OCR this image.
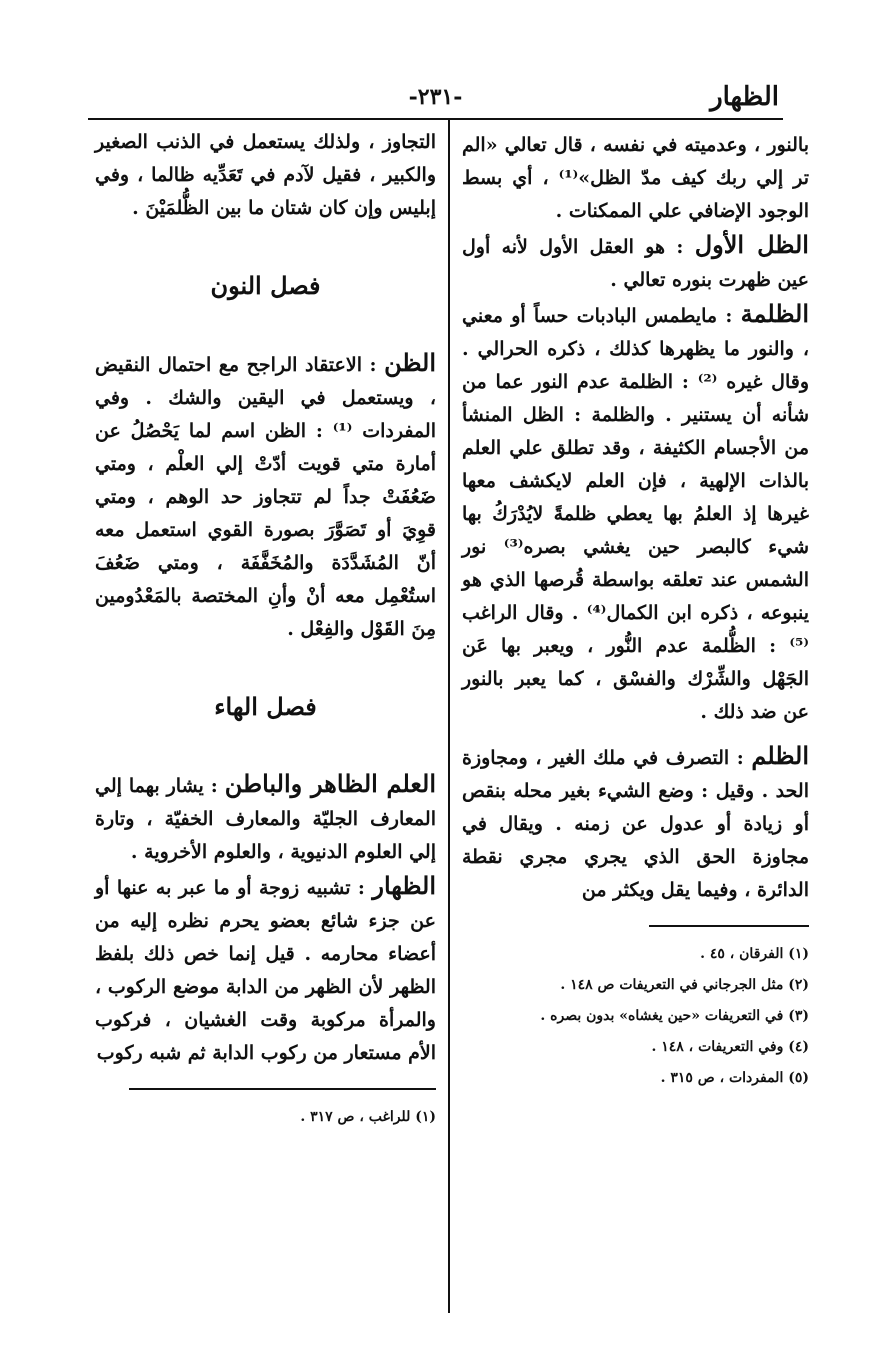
الظهار
-٢٣١-

بالنور ، وعدميته في نفسه ، قال تعالي «الم تر إلي ربك كيف مدّ الظل»⁽¹⁾ ، أي بسط الوجود الإضافي علي الممكنات .

الظل الأول : هو العقل الأول لأنه أول عين ظهرت بنوره تعالي .

الظلمة : مايطمس البادبات حساً أو معني ، والنور ما يظهرها كذلك ، ذكره الحرالي . وقال غيره ⁽²⁾ : الظلمة عدم النور عما من شأنه أن يستنير . والظلمة : الظل المنشأ من الأجسام الكثيفة ، وقد تطلق علي العلم بالذات الإلهية ، فإن العلم لايكشف معها غيرها إذ العلمُ بها يعطي ظلمةً لايُدْرَكُ بها شيء كالبصر حين يغشي بصره⁽³⁾ نور الشمس عند تعلقه بواسطة قُرصها الذي هو ينبوعه ، ذكره ابن الكمال⁽⁴⁾ . وقال الراغب ⁽⁵⁾ : الظُّلمة عدم النُّور ، ويعبر بها عَن الجَهْل والشِّرْك والفسْق ، كما يعبر بالنور عن ضد ذلك .

الظلم : التصرف في ملك الغير ، ومجاوزة الحد . وقيل : وضع الشيء بغير محله بنقص أو زيادة أو عدول عن زمنه . ويقال في مجاوزة الحق الذي يجري مجري نقطة الدائرة ، وفيما يقل ويكثر من

(١) الفرقان ، ٤٥ .
(٢) مثل الجرجاني في التعريفات ص ١٤٨ .
(٣) في التعريفات «حين يغشاه» بدون بصره .
(٤) وفي التعريفات ، ١٤٨ .
(٥) المفردات ، ص ٣١٥ .

التجاوز ، ولذلك يستعمل في الذنب الصغير والكبير ، فقيل لآدم في تَعَدِّيه ظالما ، وفي إبليس وإن كان شتان ما بين الظُّلمَيْنَ .

فصل النون

الظن : الاعتقاد الراجح مع احتمال النقيض ، ويستعمل في اليقين والشك . وفي المفردات ⁽¹⁾ : الظن اسم لما يَحْصُلُ عن أمارة متي قويت أدّتْ إلي العلْم ، ومتي ضَعُفَتْ جداً لم تتجاوز حد الوهم ، ومتي قوِيَ أو تَصَوَّرَ بصورة القوي استعمل معه أنّ المُشَدَّدَة والمُخَفَّفَة ، ومتي ضَعُفَ استُعْمِل معه أنْ وأنِ المختصة بالمَعْدُومين مِنَ القَوْل والفِعْل .

فصل الهاء

العلم الظاهر والباطن : يشار بهما إلي المعارف الجليّة والمعارف الخفيّة ، وتارة إلي العلوم الدنيوية ، والعلوم الأخروية .

الظهار : تشبيه زوجة أو ما عبر به عنها أو عن جزء شائع بعضو يحرم نظره إليه من أعضاء محارمه . قيل إنما خص ذلك بلفظ الظهر لأن الظهر من الدابة موضع الركوب ، والمرأة مركوبة وقت الغشيان ، فركوب الأم مستعار من ركوب الدابة ثم شبه ركوب

(١) للراغب ، ص ٣١٧ .
